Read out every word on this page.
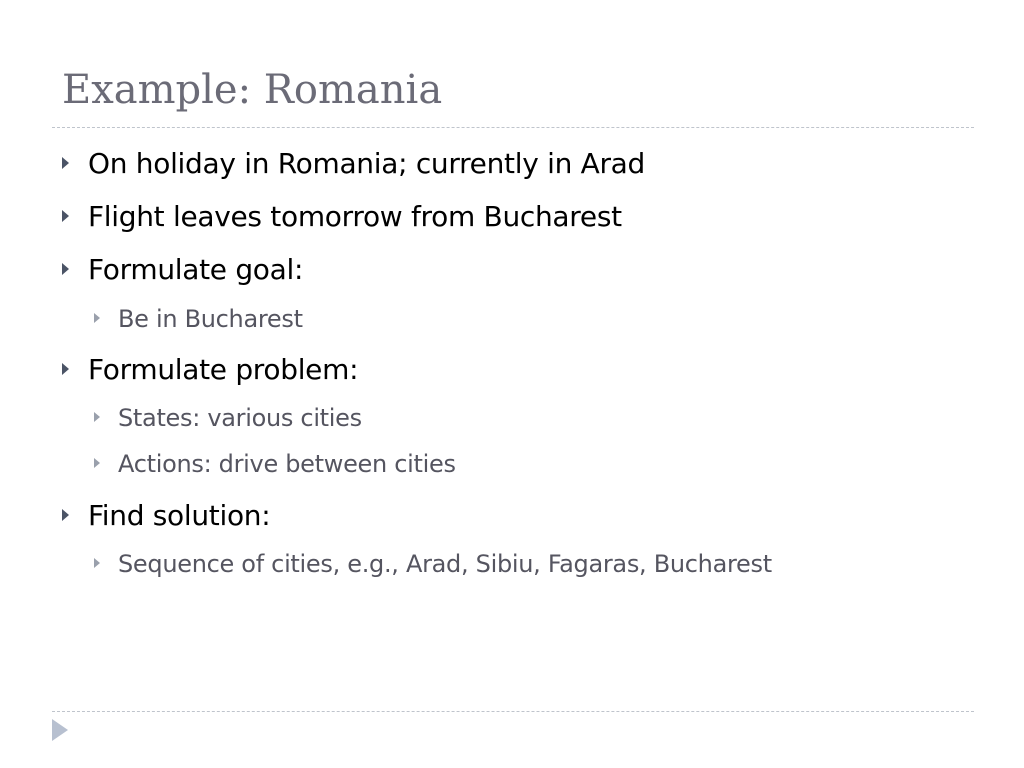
Example: Romania
On holiday in Romania; currently in Arad
Flight leaves tomorrow from Bucharest
Formulate goal:
Be in Bucharest
Formulate problem:
States: various cities
Actions: drive between cities
Find solution:
Sequence of cities, e.g., Arad, Sibiu, Fagaras, Bucharest
